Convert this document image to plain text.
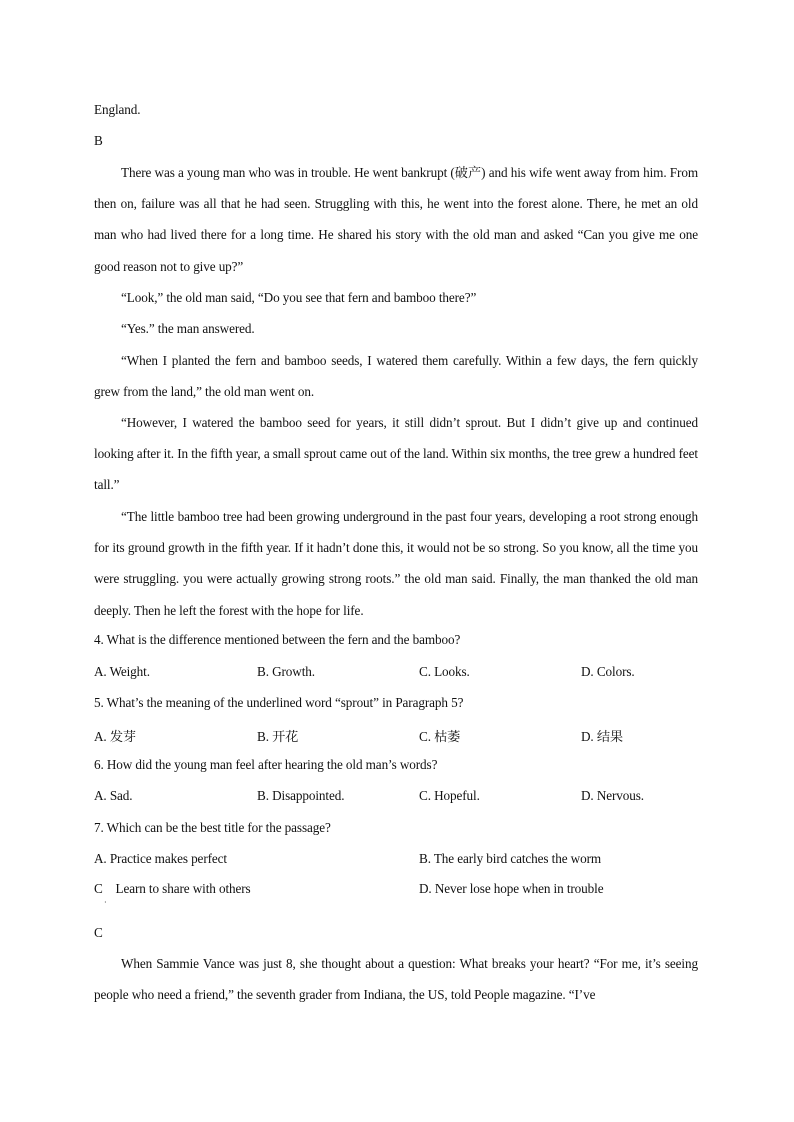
England.
B
There was a young man who was in trouble. He went bankrupt (破产) and his wife went away from him. From then on, failure was all that he had seen. Struggling with this, he went into the forest alone. There, he met an old man who had lived there for a long time. He shared his story with the old man and asked “Can you give me one good reason not to give up?”
“Look,” the old man said, “Do you see that fern and bamboo there?”
“Yes.” the man answered.
“When I planted the fern and bamboo seeds, I watered them carefully. Within a few days, the fern quickly grew from the land,” the old man went on.
“However, I watered the bamboo seed for years, it still didn’t sprout. But I didn’t give up and continued looking after it. In the fifth year, a small sprout came out of the land. Within six months, the tree grew a hundred feet tall.”
“The little bamboo tree had been growing underground in the past four years, developing a root strong enough for its ground growth in the fifth year. If it hadn’t done this, it would not be so strong. So you know, all the time you were struggling. you were actually growing strong roots.” the old man said. Finally, the man thanked the old man deeply. Then he left the forest with the hope for life.
4. What is the difference mentioned between the fern and the bamboo?
A. Weight.	B. Growth.	C. Looks.	D. Colors.
5. What’s the meaning of the underlined word “sprout” in Paragraph 5?
A. 发芽	B. 开花	C. 枯萎	D. 结果
6. How did the young man feel after hearing the old man’s words?
A. Sad.	B. Disappointed.	C. Hopeful.	D. Nervous.
7. Which can be the best title for the passage?
A. Practice makes perfect	B. The early bird catches the worm
C    Learn to share with others	D. Never lose hope when in trouble
·
C
When Sammie Vance was just 8, she thought about a question: What breaks your heart? “For me, it’s seeing people who need a friend,” the seventh grader from Indiana, the US, told People magazine. “I’ve
